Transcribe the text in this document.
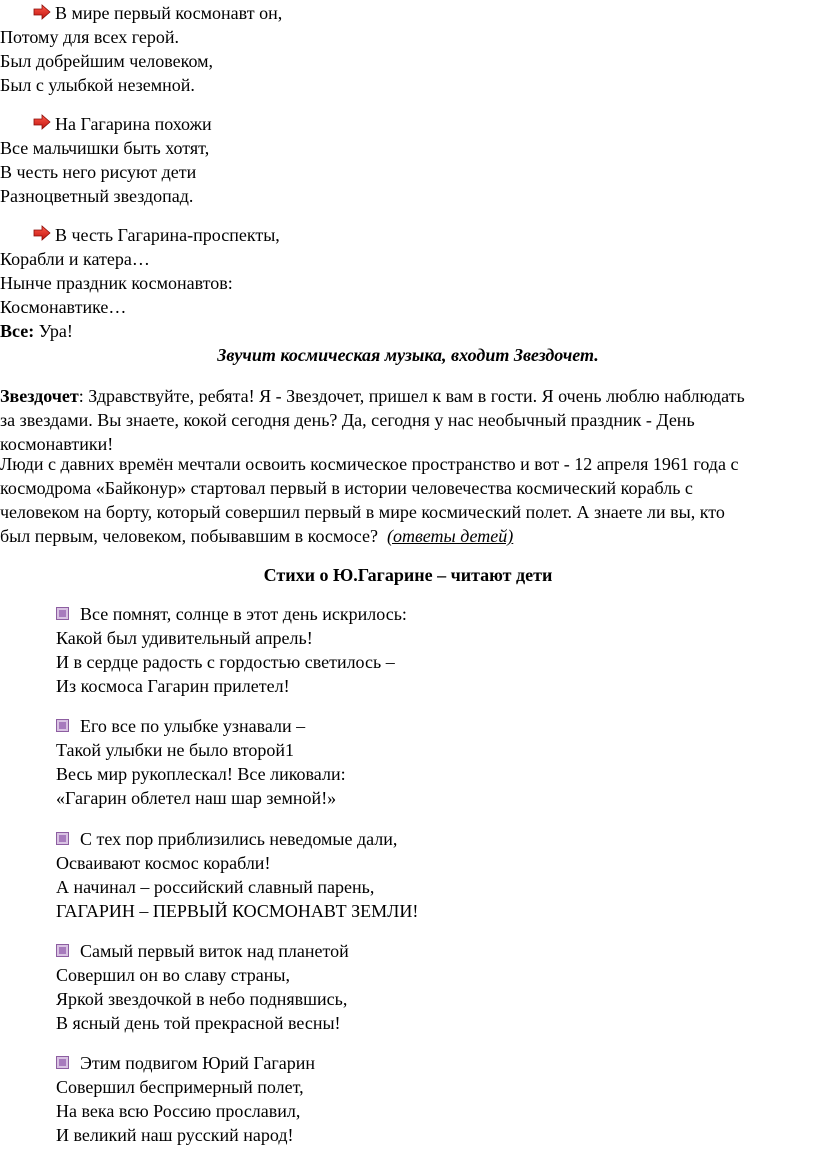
В мире первый космонавт он,
Потому для всех герой.
Был добрейшим человеком,
Был с улыбкой неземной.
На Гагарина похожи
Все мальчишки быть хотят,
В честь него рисуют дети
Разноцветный звездопад.
В честь Гагарина-проспекты,
Корабли и катера…
Нынче праздник космонавтов:
Космонавтике…
Все: Ура!
Звучит космическая музыка, входит Звездочет.
Звездочет: Здравствуйте, ребята! Я - Звездочет, пришел к вам в гости. Я очень люблю наблюдать
за звездами. Вы знаете, кокой сегодня день? Да, сегодня у нас необычный праздник - День
космонавтики!
Люди с давних времён мечтали освоить космическое пространство и вот - 12 апреля 1961 года с
космодрома «Байконур» стартовал первый в истории человечества космический корабль с
человеком на борту, который совершил первый в мире космический полет. А знаете ли вы, кто
был первым, человеком, побывавшим в космосе? (ответы детей)
Стихи о Ю.Гагарине – читают дети
Все помнят, солнце в этот день искрилось:
Какой был удивительный апрель!
И в сердце радость с гордостью светилось –
Из космоса Гагарин прилетел!
Его все по улыбке узнавали –
Такой улыбки не было второй1
Весь мир рукоплескал! Все ликовали:
«Гагарин облетел наш шар земной!»
С тех пор приблизились неведомые дали,
Осваивают космос корабли!
А начинал – российский славный парень,
ГАГАРИН – ПЕРВЫЙ КОСМОНАВТ ЗЕМЛИ!
Самый первый виток над планетой
Совершил он во славу страны,
Яркой звездочкой в небо поднявшись,
В ясный день той прекрасной весны!
Этим подвигом Юрий Гагарин
Совершил беспримерный полет,
На века всю Россию прославил,
И великий наш русский народ!
